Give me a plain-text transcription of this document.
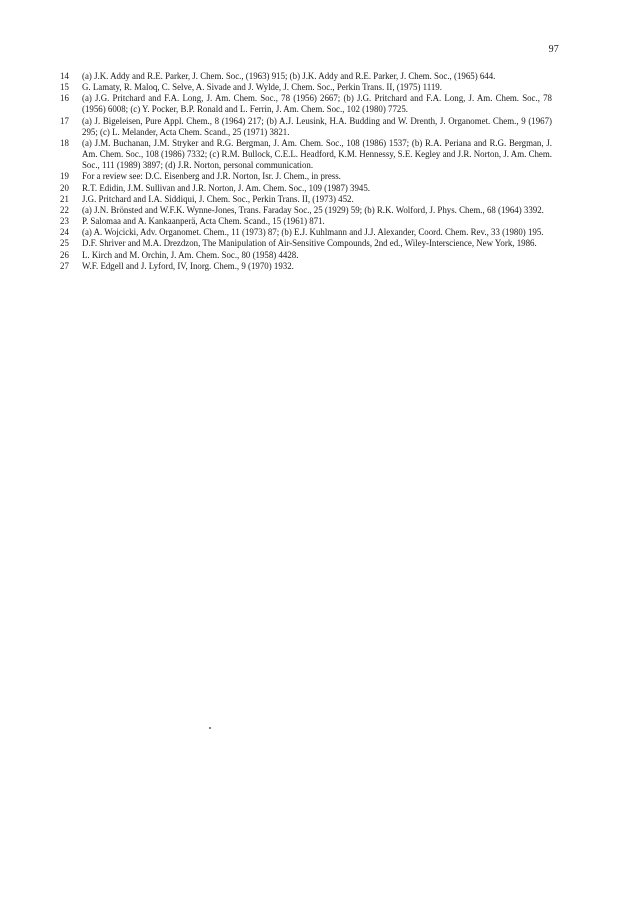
97
14 (a) J.K. Addy and R.E. Parker, J. Chem. Soc., (1963) 915; (b) J.K. Addy and R.E. Parker, J. Chem. Soc., (1965) 644.
15 G. Lamaty, R. Maloq, C. Selve, A. Sivade and J. Wylde, J. Chem. Soc., Perkin Trans. II, (1975) 1119.
16 (a) J.G. Pritchard and F.A. Long, J. Am. Chem. Soc., 78 (1956) 2667; (b) J.G. Pritchard and F.A. Long, J. Am. Chem. Soc., 78 (1956) 6008; (c) Y. Pocker, B.P. Ronald and L. Ferrin, J. Am. Chem. Soc., 102 (1980) 7725.
17 (a) J. Bigeleisen, Pure Appl. Chem., 8 (1964) 217; (b) A.J. Leusink, H.A. Budding and W. Drenth, J. Organomet. Chem., 9 (1967) 295; (c) L. Melander, Acta Chem. Scand., 25 (1971) 3821.
18 (a) J.M. Buchanan, J.M. Stryker and R.G. Bergman, J. Am. Chem. Soc., 108 (1986) 1537; (b) R.A. Periana and R.G. Bergman, J. Am. Chem. Soc., 108 (1986) 7332; (c) R.M. Bullock, C.E.L. Headford, K.M. Hennessy, S.E. Kegley and J.R. Norton, J. Am. Chem. Soc., 111 (1989) 3897; (d) J.R. Norton, personal communication.
19 For a review see: D.C. Eisenberg and J.R. Norton, Isr. J. Chem., in press.
20 R.T. Edidin, J.M. Sullivan and J.R. Norton, J. Am. Chem. Soc., 109 (1987) 3945.
21 J.G. Pritchard and I.A. Siddiqui, J. Chem. Soc., Perkin Trans. II, (1973) 452.
22 (a) J.N. Brönsted and W.F.K. Wynne-Jones, Trans. Faraday Soc., 25 (1929) 59; (b) R.K. Wolford, J. Phys. Chem., 68 (1964) 3392.
23 P. Salomaa and A. Kankaanperä, Acta Chem. Scand., 15 (1961) 871.
24 (a) A. Wojcicki, Adv. Organomet. Chem., 11 (1973) 87; (b) E.J. Kuhlmann and J.J. Alexander, Coord. Chem. Rev., 33 (1980) 195.
25 D.F. Shriver and M.A. Drezdzon, The Manipulation of Air-Sensitive Compounds, 2nd ed., Wiley-Interscience, New York, 1986.
26 L. Kirch and M. Orchin, J. Am. Chem. Soc., 80 (1958) 4428.
27 W.F. Edgell and J. Lyford, IV, Inorg. Chem., 9 (1970) 1932.
